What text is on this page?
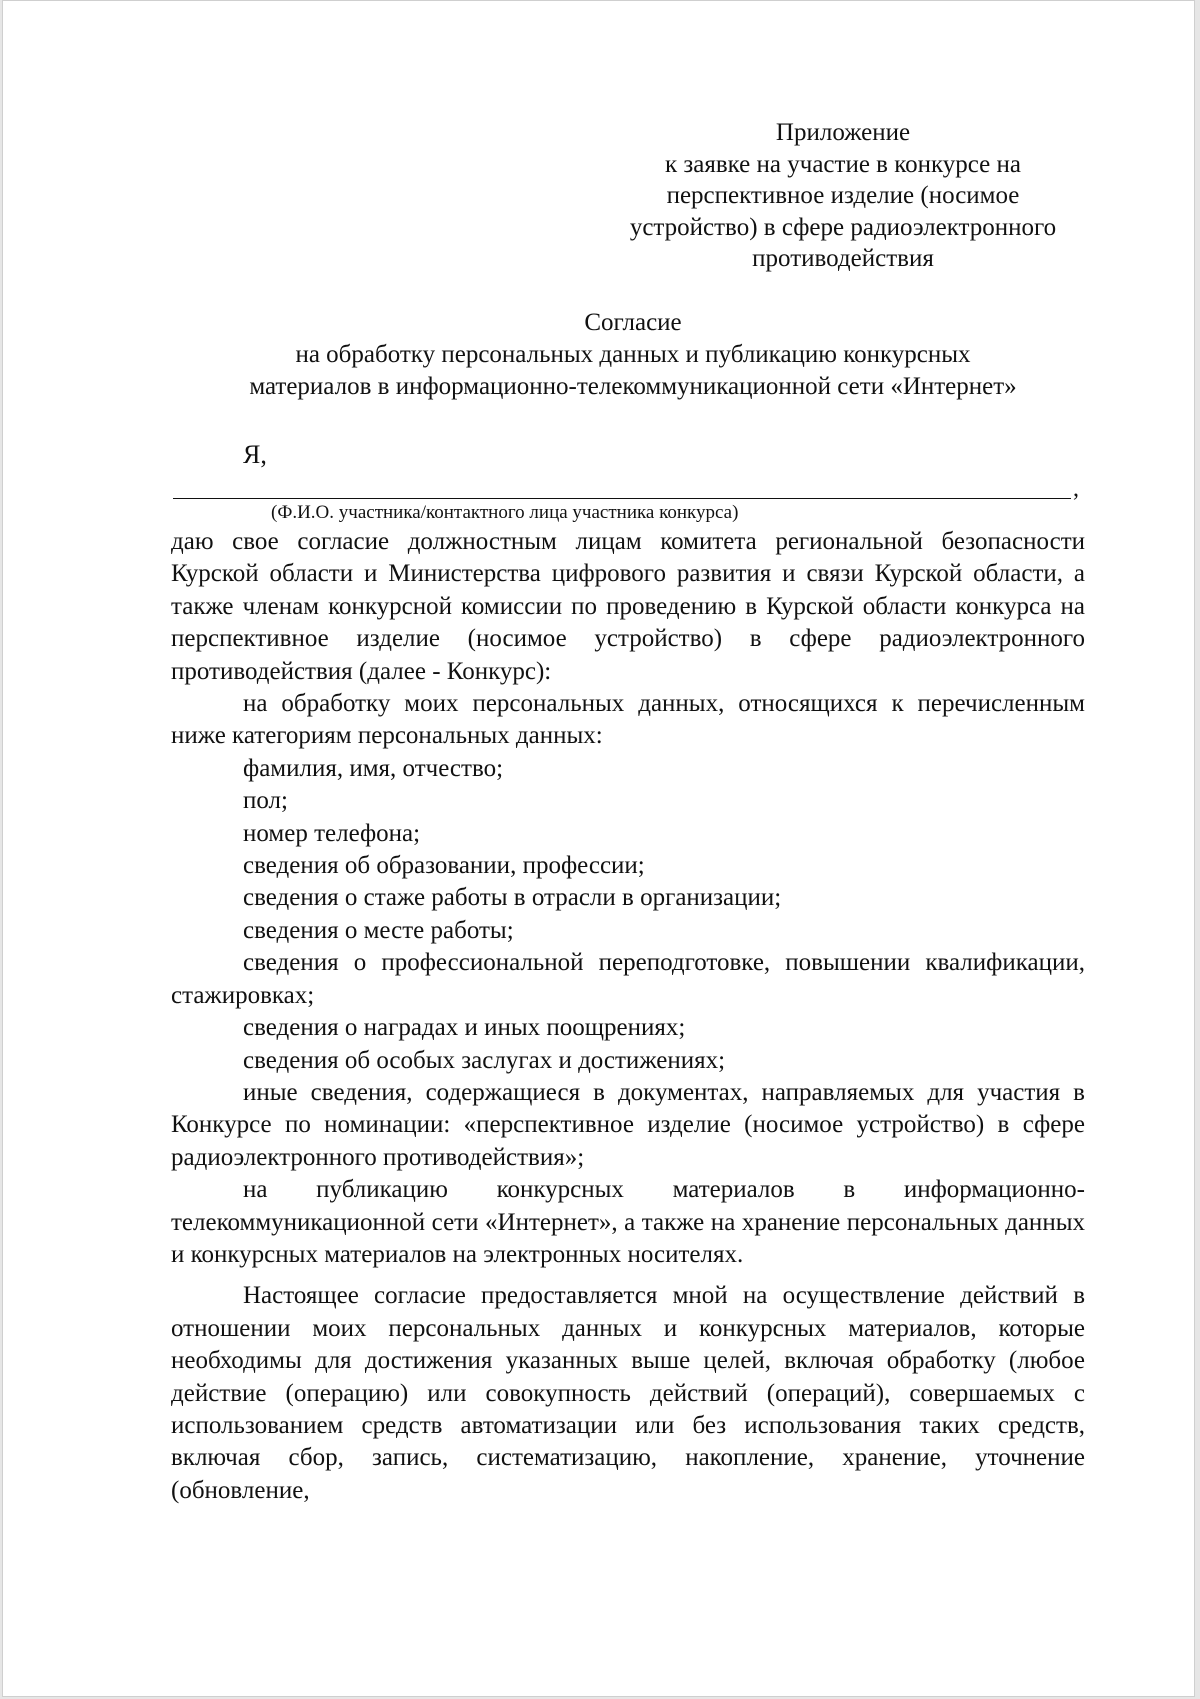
Приложение
к заявке на участие в конкурсе на
перспективное изделие (носимое
устройство) в сфере радиоэлектронного
противодействия
Согласие
на обработку персональных данных и публикацию конкурсных
материалов в информационно-телекоммуникационной сети «Интернет»
Я,
,
(Ф.И.О. участника/контактного лица участника конкурса)

даю свое согласие должностным лицам комитета региональной безопасности Курской области и Министерства цифрового развития и связи Курской области, а также членам конкурсной комиссии по проведению в Курской области конкурса на перспективное изделие (носимое устройство) в сфере радиоэлектронного противодействия (далее - Конкурс):

на обработку моих персональных данных, относящихся к перечисленным ниже категориям персональных данных:

фамилия, имя, отчество;

пол;

номер телефона;

сведения об образовании, профессии;

сведения о стаже работы в отрасли в организации;

сведения о месте работы;

сведения о профессиональной переподготовке, повышении квалификации, стажировках;

сведения о наградах и иных поощрениях;

сведения об особых заслугах и достижениях;

иные сведения, содержащиеся в документах, направляемых для участия в Конкурсе по номинации: «перспективное изделие (носимое устройство) в сфере радиоэлектронного противодействия»;

на публикацию конкурсных материалов в информационно-телекоммуникационной сети «Интернет», а также на хранение персональных данных и конкурсных материалов на электронных носителях.

Настоящее согласие предоставляется мной на осуществление действий в отношении моих персональных данных и конкурсных материалов, которые необходимы для достижения указанных выше целей, включая обработку (любое действие (операцию) или совокупность действий (операций), совершаемых с использованием средств автоматизации или без использования таких средств, включая сбор, запись, систематизацию, накопление, хранение, уточнение (обновление,
